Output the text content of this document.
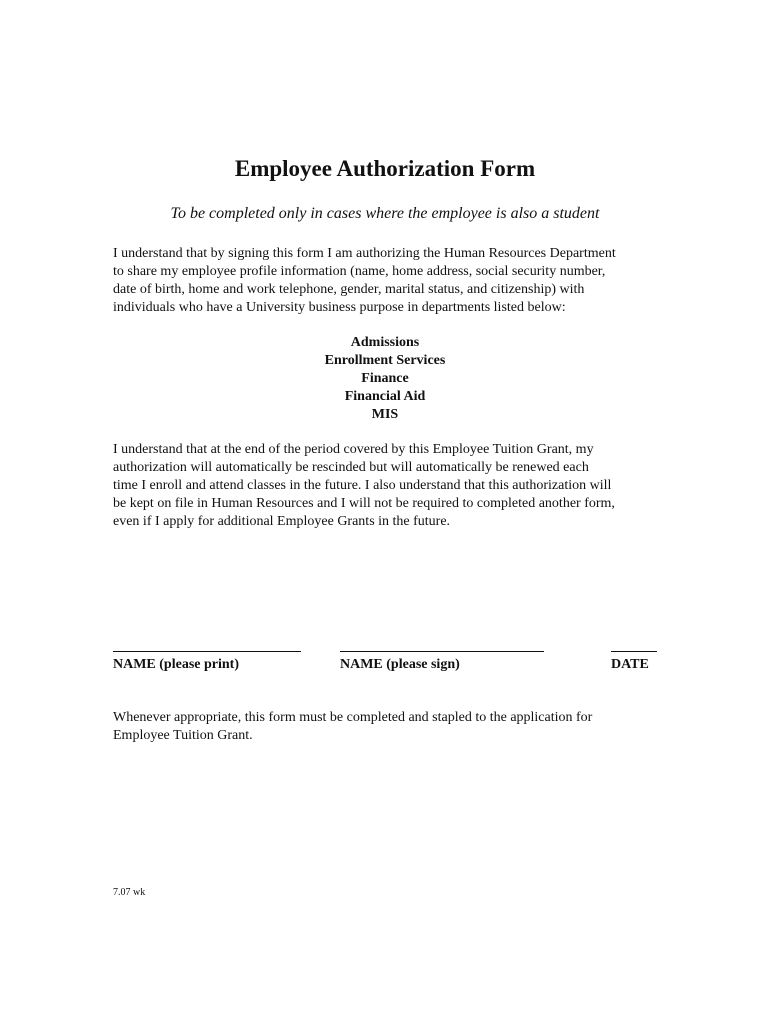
Employee Authorization Form
To be completed only in cases where the employee is also a student
I understand that by signing this form I am authorizing the Human Resources Department
to share my employee profile information (name, home address, social security number,
date of birth, home and work telephone, gender, marital status, and citizenship) with
individuals who have a University business purpose in departments listed below:
Admissions
Enrollment Services
Finance
Financial Aid
MIS
I understand that at the end of the period covered by this Employee Tuition Grant, my
authorization will automatically be rescinded but will automatically be renewed each
time I enroll and attend classes in the future. I also understand that this authorization will
be kept on file in Human Resources and I will not be required to completed another form,
even if I apply for additional Employee Grants in the future.
NAME (please print)	NAME (please sign)	DATE
Whenever appropriate, this form must be completed and stapled to the application for
Employee Tuition Grant.
7.07 wk
